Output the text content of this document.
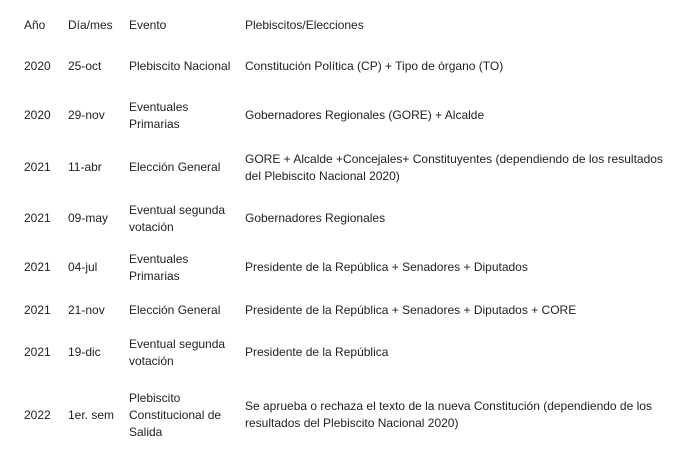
Año	Día/mes	Evento	Plebiscitos/Elecciones
2020	25-oct	Plebiscito Nacional	Constitución Política (CP) + Tipo de órgano (TO)
2020	29-nov	Eventuales Primarias	Gobernadores Regionales (GORE) + Alcalde
2021	11-abr	Elección General	GORE + Alcalde +Concejales+ Constituyentes (dependiendo de los resultados del Plebiscito Nacional 2020)
2021	09-may	Eventual segunda votación	Gobernadores Regionales
2021	04-jul	Eventuales Primarias	Presidente de la República + Senadores + Diputados
2021	21-nov	Elección General	Presidente de la República + Senadores + Diputados + CORE
2021	19-dic	Eventual segunda votación	Presidente de la República
2022	1er. sem	Plebiscito Constitucional de Salida	Se aprueba o rechaza el texto de la nueva Constitución (dependiendo de los resultados del Plebiscito Nacional 2020)
